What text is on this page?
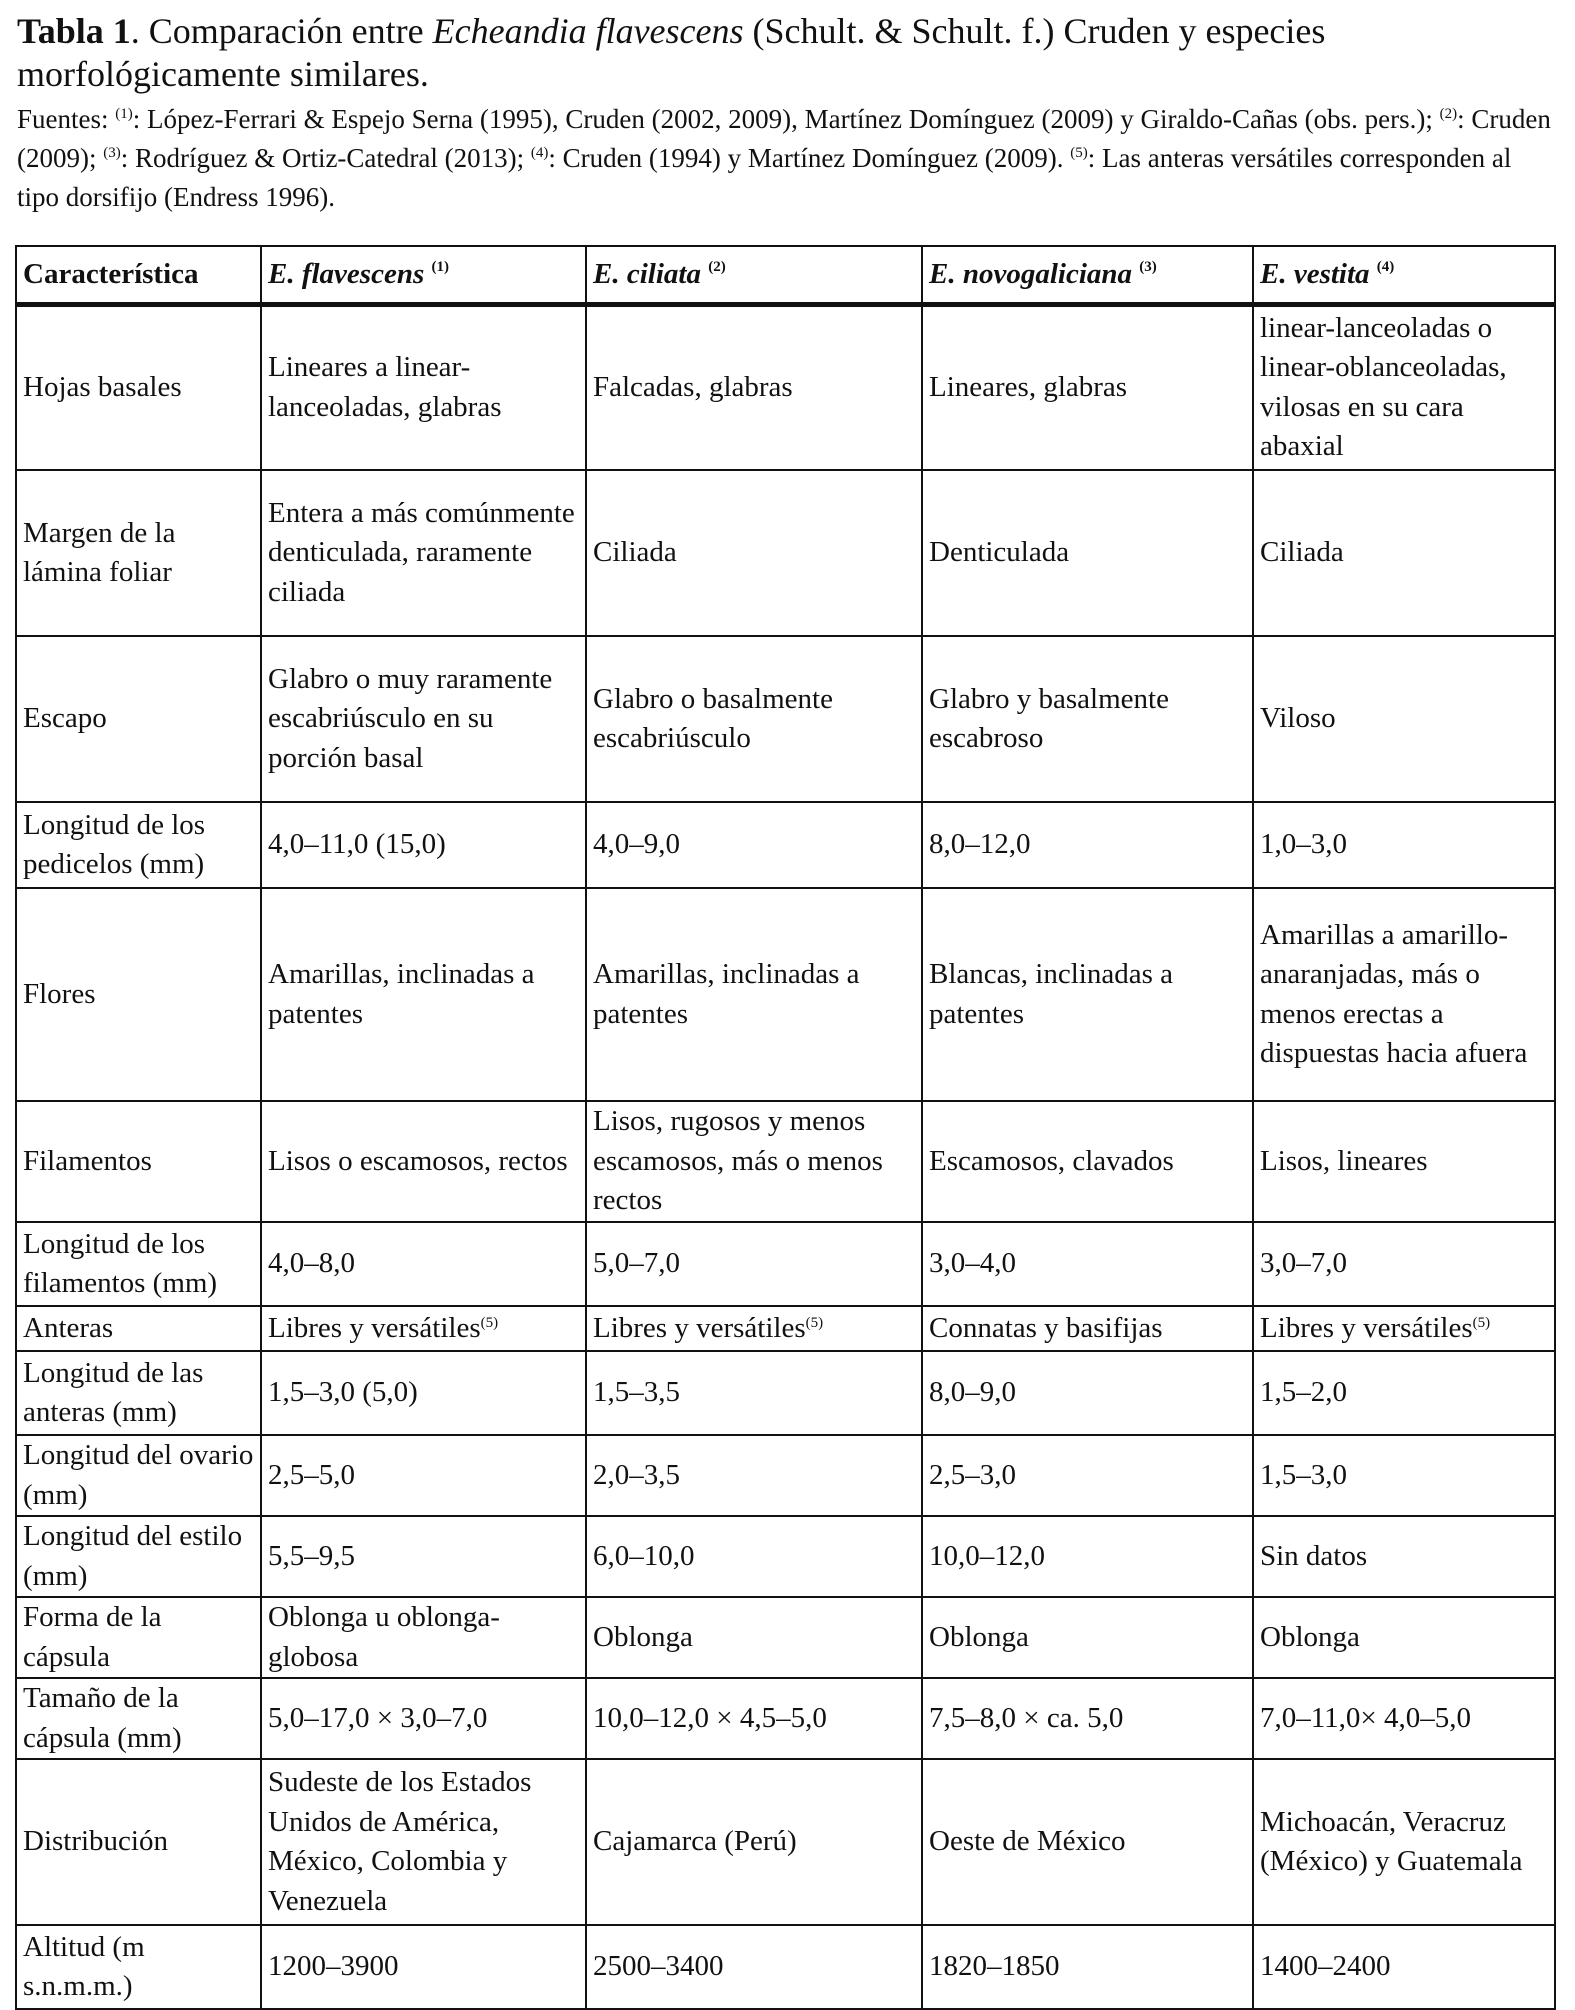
Tabla 1. Comparación entre Echeandia flavescens (Schult. & Schult. f.) Cruden y especies morfológicamente similares.
Fuentes: $^{(1)}$: López-Ferrari & Espejo Serna (1995), Cruden (2002, 2009), Martínez Domínguez (2009) y Giraldo-Cañas (obs. pers.); $^{(2)}$: Cruden (2009); $^{(3)}$: Rodríguez & Ortiz-Catedral (2013); $^{(4)}$: Cruden (1994) y Martínez Domínguez (2009). $^{(5)}$: Las anteras versátiles corresponden al tipo dorsifijo (Endress 1996).
Característica	E. flavescens $^{(1)}$	E. ciliata $^{(2)}$	E. novogaliciana $^{(3)}$	E. vestita $^{(4)}$
Hojas basales	Lineares a linear-lanceoladas, glabras	Falcadas, glabras	Lineares, glabras	linear-lanceoladas o linear-oblanceoladas, vilosas en su cara abaxial
Margen de la lámina foliar	Entera a más comúnmente denticulada, raramente ciliada	Ciliada	Denticulada	Ciliada
Escapo	Glabro o muy raramente escabriúsculo en su porción basal	Glabro o basalmente escabriúsculo	Glabro y basalmente escabroso	Viloso
Longitud de los pedicelos (mm)	4,0–11,0 (15,0)	4,0–9,0	8,0–12,0	1,0–3,0
Flores	Amarillas, inclinadas a patentes	Amarillas, inclinadas a patentes	Blancas, inclinadas a patentes	Amarillas a amarillo-anaranjadas, más o menos erectas a dispuestas hacia afuera
Filamentos	Lisos o escamosos, rectos	Lisos, rugosos y menos escamosos, más o menos rectos	Escamosos, clavados	Lisos, lineares
Longitud de los filamentos (mm)	4,0–8,0	5,0–7,0	3,0–4,0	3,0–7,0
Anteras	Libres y versátiles$^{(5)}$	Libres y versátiles$^{(5)}$	Connatas y basifijas	Libres y versátiles$^{(5)}$
Longitud de las anteras (mm)	1,5–3,0 (5,0)	1,5–3,5	8,0–9,0	1,5–2,0
Longitud del ovario (mm)	2,5–5,0	2,0–3,5	2,5–3,0	1,5–3,0
Longitud del estilo (mm)	5,5–9,5	6,0–10,0	10,0–12,0	Sin datos
Forma de la cápsula	Oblonga u oblonga-globosa	Oblonga	Oblonga	Oblonga
Tamaño de la cápsula (mm)	5,0–17,0 × 3,0–7,0	10,0–12,0 × 4,5–5,0	7,5–8,0 × ca. 5,0	7,0–11,0× 4,0–5,0
Distribución	Sudeste de los Estados Unidos de América, México, Colombia y Venezuela	Cajamarca (Perú)	Oeste de México	Michoacán, Veracruz (México) y Guatemala
Altitud (m s.n.m.m.)	1200–3900	2500–3400	1820–1850	1400–2400
